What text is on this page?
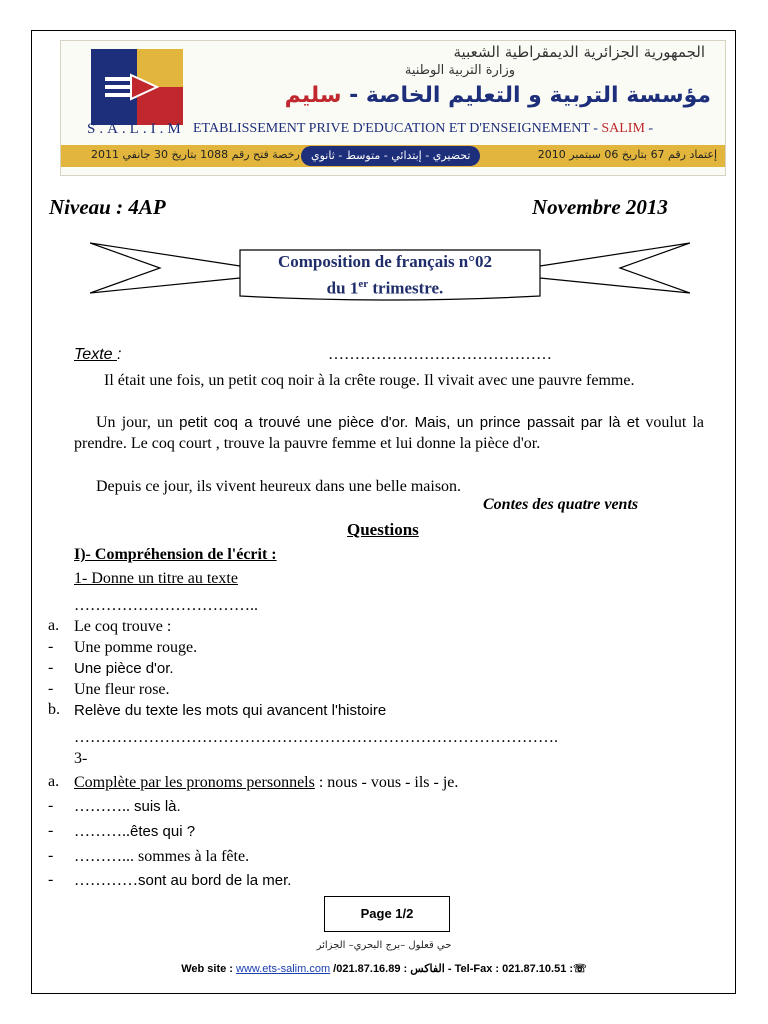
S.A.L.I.M
الجمهورية الجزائرية الديمقراطية الشعبية
وزارة التربية الوطنية
مؤسسة التربية و التعليم الخاصة - سليم
ETABLISSEMENT PRIVE D'EDUCATION ET D'ENSEIGNEMENT - SALIM -
رخصة فتح رقم 1088 بتاريخ 30 جانفي 2011	تحضيري - إبتدائي - متوسط - ثانوي	إعتماد رقم 67 بتاريخ 06 سبتمبر 2010
Niveau : 4AP	Novembre 2013
Composition de français n°02
du 1er trimestre.
Texte :	……………………………………
Il était une fois, un petit coq noir à la crête rouge. Il vivait avec une pauvre femme.
Un jour, un petit coq a trouvé une pièce d'or. Mais, un prince passait par là et voulut la prendre. Le coq court , trouve la pauvre femme et lui donne la pièce d'or.
Depuis ce jour, ils vivent heureux dans une belle maison.
Contes des quatre vents
Questions
I)- Compréhension de l'écrit :
1- Donne un titre au texte
……………………………..
a. Le coq trouve :
- Une pomme rouge.
- Une pièce d'or.
- Une fleur rose.
b. Relève du texte les mots qui avancent l'histoire
……………………………………………………………………………….
3-
a. Complète par les pronoms personnels : nous - vous - ils - je.
- ……….. suis là.
- ………..êtes qui ?
- ………... sommes à la fête.
- …………sont au bord de la mer.
Page 1/2
حي قعلول –برج البحري– الجزائر
Web site : www.ets-salim.com /021.87.16.89 : الفاكس - Tel-Fax : 021.87.10.51 :☏
